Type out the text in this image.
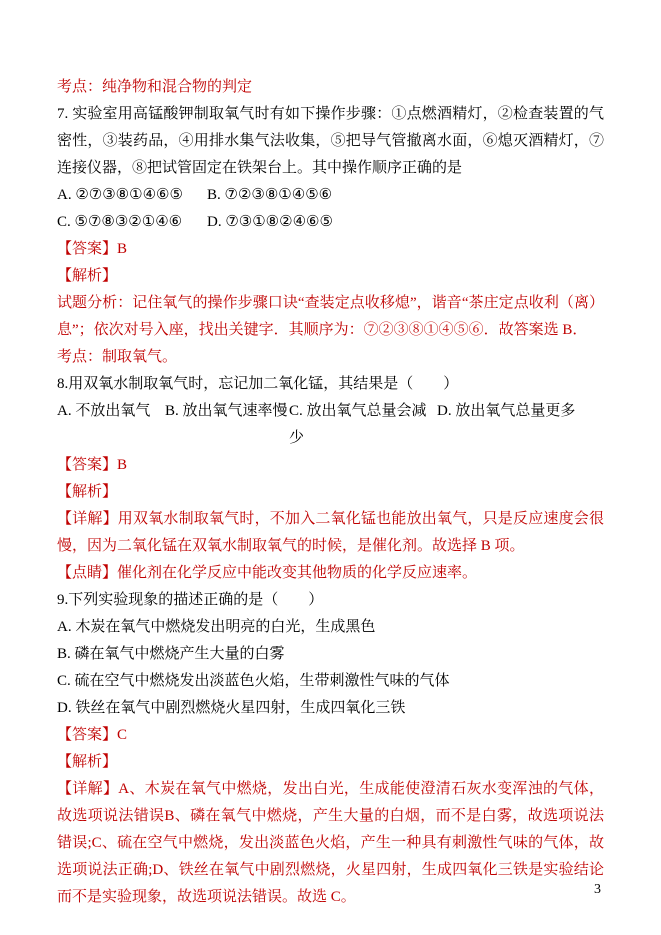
考点：纯净物和混合物的判定

7. 实验室用高锰酸钾制取氧气时有如下操作步骤：①点燃酒精灯，②检查装置的气密性，③装药品，④用排水集气法收集，⑤把导气管撤离水面，⑥熄灭酒精灯，⑦连接仪器，⑧把试管固定在铁架台上。其中操作顺序正确的是

A. ②⑦③⑧①④⑥⑤	B. ⑦②③⑧①④⑤⑥

C. ⑤⑦⑧③②①④⑥	D. ⑦③①⑧②④⑥⑤

【答案】B

【解析】

试题分析：记住氧气的操作步骤口诀“查装定点收移熄”，谐音“茶庄定点收利（离）息”；依次对号入座，找出关键字．其顺序为：⑦②③⑧①④⑤⑥．故答案选 B．

考点：制取氧气。

8.用双氧水制取氧气时，忘记加二氧化锰，其结果是（　　）

A. 不放出氧气 B. 放出氧气速率慢 C. 放出氧气总量会减少
D. 放出氧气总量更多

【答案】B

【解析】

【详解】用双氧水制取氧气时，不加入二氧化锰也能放出氧气，只是反应速度会很慢，因为二氧化锰在双氧水制取氧气的时候，是催化剂。故选择 B 项。

【点睛】催化剂在化学反应中能改变其他物质的化学反应速率。

9.下列实验现象的描述正确的是（　　）

A. 木炭在氧气中燃烧发出明亮的白光，生成黑色

B. 磷在氧气中燃烧产生大量的白雾

C. 硫在空气中燃烧发出淡蓝色火焰，生带刺激性气味的气体

D. 铁丝在氧气中剧烈燃烧火星四射，生成四氧化三铁

【答案】C

【解析】

【详解】A、木炭在氧气中燃烧，发出白光，生成能使澄清石灰水变浑浊的气体，故选项说法错误B、磷在氧气中燃烧，产生大量的白烟，而不是白雾，故选项说法错误;C、硫在空气中燃烧，发出淡蓝色火焰，产生一种具有刺激性气味的气体，故选项说法正确;D、铁丝在氧气中剧烈燃烧，火星四射，生成四氧化三铁是实验结论而不是实验现象，故选项说法错误。故选 C。	3
